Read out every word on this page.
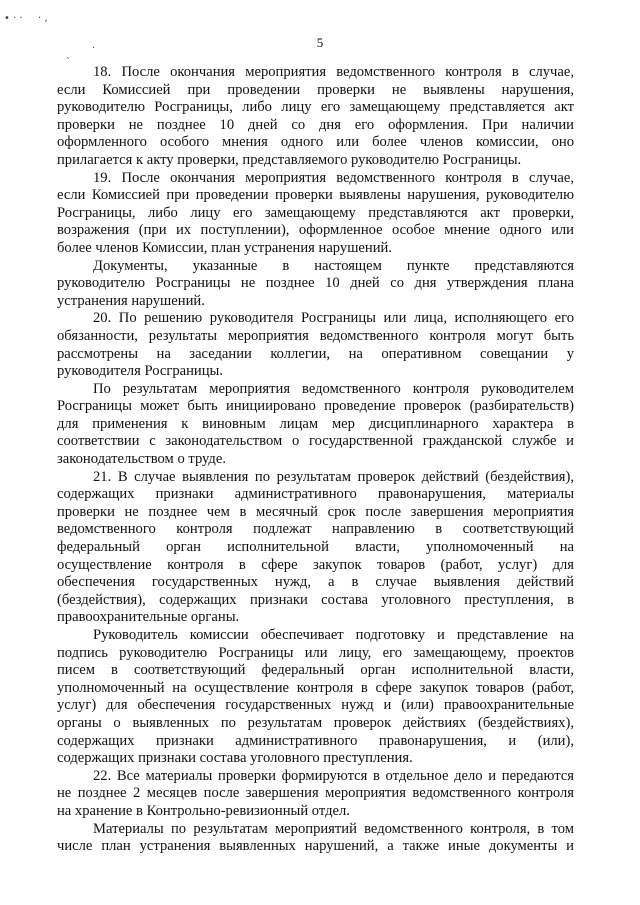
• · · · ,
·
`
5
18. После окончания мероприятия ведомственного контроля в случае,
если Комиссией при проведении проверки не выявлены нарушения,
руководителю Росграницы, либо лицу его замещающему представляется акт
проверки не позднее 10 дней со дня его оформления. При наличии
оформленного особого мнения одного или более членов комиссии, оно
прилагается к акту проверки, представляемого руководителю Росграницы.
19. После окончания мероприятия ведомственного контроля в случае,
если Комиссией при проведении проверки выявлены нарушения, руководителю
Росграницы, либо лицу его замещающему представляются акт проверки,
возражения (при их поступлении), оформленное особое мнение одного или
более членов Комиссии, план устранения нарушений.
Документы, указанные в настоящем пункте представляются
руководителю Росграницы не позднее 10 дней со дня утверждения плана
устранения нарушений.
20. По решению руководителя Росграницы или лица, исполняющего его
обязанности, результаты мероприятия ведомственного контроля могут быть
рассмотрены на заседании коллегии, на оперативном совещании у
руководителя Росграницы.
По результатам мероприятия ведомственного контроля руководителем
Росграницы может быть инициировано проведение проверок (разбирательств)
для применения к виновным лицам мер дисциплинарного характера в
соответствии с законодательством о государственной гражданской службе и
законодательством о труде.
21. В случае выявления по результатам проверок действий (бездействия),
содержащих признаки административного правонарушения, материалы
проверки не позднее чем в месячный срок после завершения мероприятия
ведомственного контроля подлежат направлению в соответствующий
федеральный орган исполнительной власти, уполномоченный на
осуществление контроля в сфере закупок товаров (работ, услуг) для
обеспечения государственных нужд, а в случае выявления действий
(бездействия), содержащих признаки состава уголовного преступления, в
правоохранительные органы.
Руководитель комиссии обеспечивает подготовку и представление на
подпись руководителю Росграницы или лицу, его замещающему, проектов
писем в соответствующий федеральный орган исполнительной власти,
уполномоченный на осуществление контроля в сфере закупок товаров (работ,
услуг) для обеспечения государственных нужд и (или) правоохранительные
органы о выявленных по результатам проверок действиях (бездействиях),
содержащих признаки административного правонарушения, и (или),
содержащих признаки состава уголовного преступления.
22. Все материалы проверки формируются в отдельное дело и передаются
не позднее 2 месяцев после завершения мероприятия ведомственного контроля
на хранение в Контрольно-ревизионный отдел.
Материалы по результатам мероприятий ведомственного контроля, в том
числе план устранения выявленных нарушений, а также иные документы и
